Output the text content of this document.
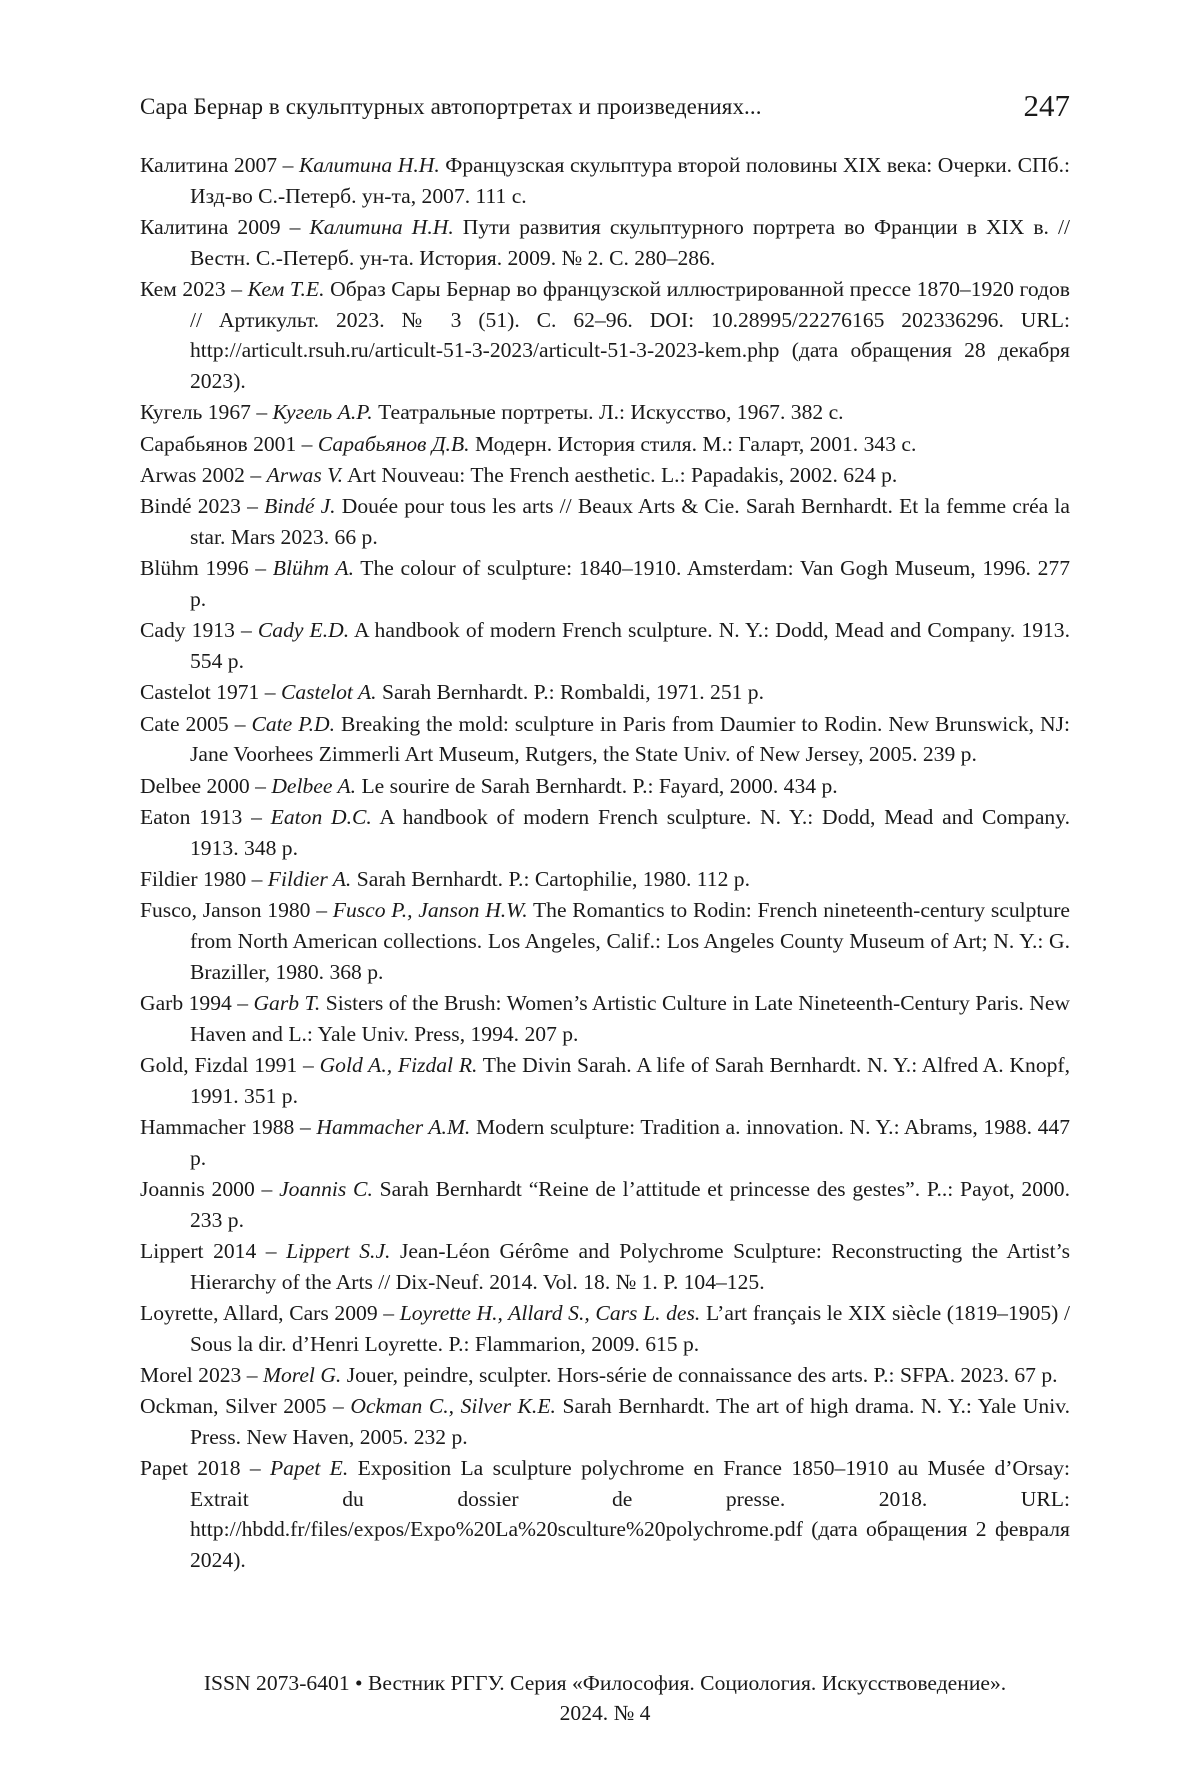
Сара Бернар в скульптурных автопортретах и произведениях...	247
Калитина 2007 – Калитина Н.Н. Французская скульптура второй половины XIX века: Очерки. СПб.: Изд-во С.-Петерб. ун-та, 2007. 111 с.
Калитина 2009 – Калитина Н.Н. Пути развития скульптурного портрета во Франции в XIX в. // Вестн. С.-Петерб. ун-та. История. 2009. № 2. С. 280–286.
Кем 2023 – Кем Т.Е. Образ Сары Бернар во французской иллюстрированной прессе 1870–1920 годов // Артикульт. 2023. № 3 (51). С. 62–96. DOI: 10.28995/22276165 202336296. URL: http://articult.rsuh.ru/articult-51-3-2023/articult-51-3-2023-kem.php (дата обращения 28 декабря 2023).
Кугель 1967 – Кугель А.Р. Театральные портреты. Л.: Искусство, 1967. 382 с.
Сарабьянов 2001 – Сарабьянов Д.В. Модерн. История стиля. М.: Галарт, 2001. 343 с.
Arwas 2002 – Arwas V. Art Nouveau: The French aesthetic. L.: Papadakis, 2002. 624 p.
Bindé 2023 – Bindé J. Douée pour tous les arts // Beaux Arts & Cie. Sarah Bernhardt. Et la femme créa la star. Mars 2023. 66 p.
Blühm 1996 – Blühm A. The colour of sculpture: 1840–1910. Amsterdam: Van Gogh Museum, 1996. 277 p.
Cady 1913 – Cady E.D. A handbook of modern French sculpture. N. Y.: Dodd, Mead and Company. 1913. 554 p.
Castelot 1971 – Castelot A. Sarah Bernhardt. P.: Rombaldi, 1971. 251 p.
Cate 2005 – Cate P.D. Breaking the mold: sculpture in Paris from Daumier to Rodin. New Brunswick, NJ: Jane Voorhees Zimmerli Art Museum, Rutgers, the State Univ. of New Jersey, 2005. 239 p.
Delbee 2000 – Delbee A. Le sourire de Sarah Bernhardt. P.: Fayard, 2000. 434 p.
Eaton 1913 – Eaton D.C. A handbook of modern French sculpture. N. Y.: Dodd, Mead and Company. 1913. 348 p.
Fildier 1980 – Fildier A. Sarah Bernhardt. P.: Cartophilie, 1980. 112 p.
Fusco, Janson 1980 – Fusco P., Janson H.W. The Romantics to Rodin: French nineteenth-century sculpture from North American collections. Los Angeles, Calif.: Los Angeles County Museum of Art; N. Y.: G. Braziller, 1980. 368 p.
Garb 1994 – Garb T. Sisters of the Brush: Women’s Artistic Culture in Late Nineteenth-Century Paris. New Haven and L.: Yale Univ. Press, 1994. 207 p.
Gold, Fizdal 1991 – Gold A., Fizdal R. The Divin Sarah. A life of Sarah Bernhardt. N. Y.: Alfred A. Knopf, 1991. 351 p.
Hammacher 1988 – Hammacher A.M. Modern sculpture: Tradition a. innovation. N. Y.: Abrams, 1988. 447 p.
Joannis 2000 – Joannis C. Sarah Bernhardt “Reine de l’attitude et princesse des gestes”. P..: Payot, 2000. 233 p.
Lippert 2014 – Lippert S.J. Jean-Léon Gérôme and Polychrome Sculpture: Reconstructing the Artist’s Hierarchy of the Arts // Dix-Neuf. 2014. Vol. 18. № 1. P. 104–125.
Loyrette, Allard, Cars 2009 – Loyrette H., Allard S., Cars L. des. L’art français le XIX siècle (1819–1905) / Sous la dir. d’Henri Loyrette. P.: Flammarion, 2009. 615 p.
Morel 2023 – Morel G. Jouer, peindre, sculpter. Hors-série de connaissance des arts. P.: SFPA. 2023. 67 p.
Ockman, Silver 2005 – Ockman C., Silver K.E. Sarah Bernhardt. The art of high drama. N. Y.: Yale Univ. Press. New Haven, 2005. 232 p.
Papet 2018 – Papet E. Exposition La sculpture polychrome en France 1850–1910 au Musée d’Orsay: Extrait du dossier de presse. 2018. URL: http://hbdd.fr/files/expos/Expo%20La%20sculture%20polychrome.pdf (дата обращения 2 февраля 2024).
ISSN 2073-6401 • Вестник РГГУ. Серия «Философия. Социология. Искусствоведение».
2024. № 4
